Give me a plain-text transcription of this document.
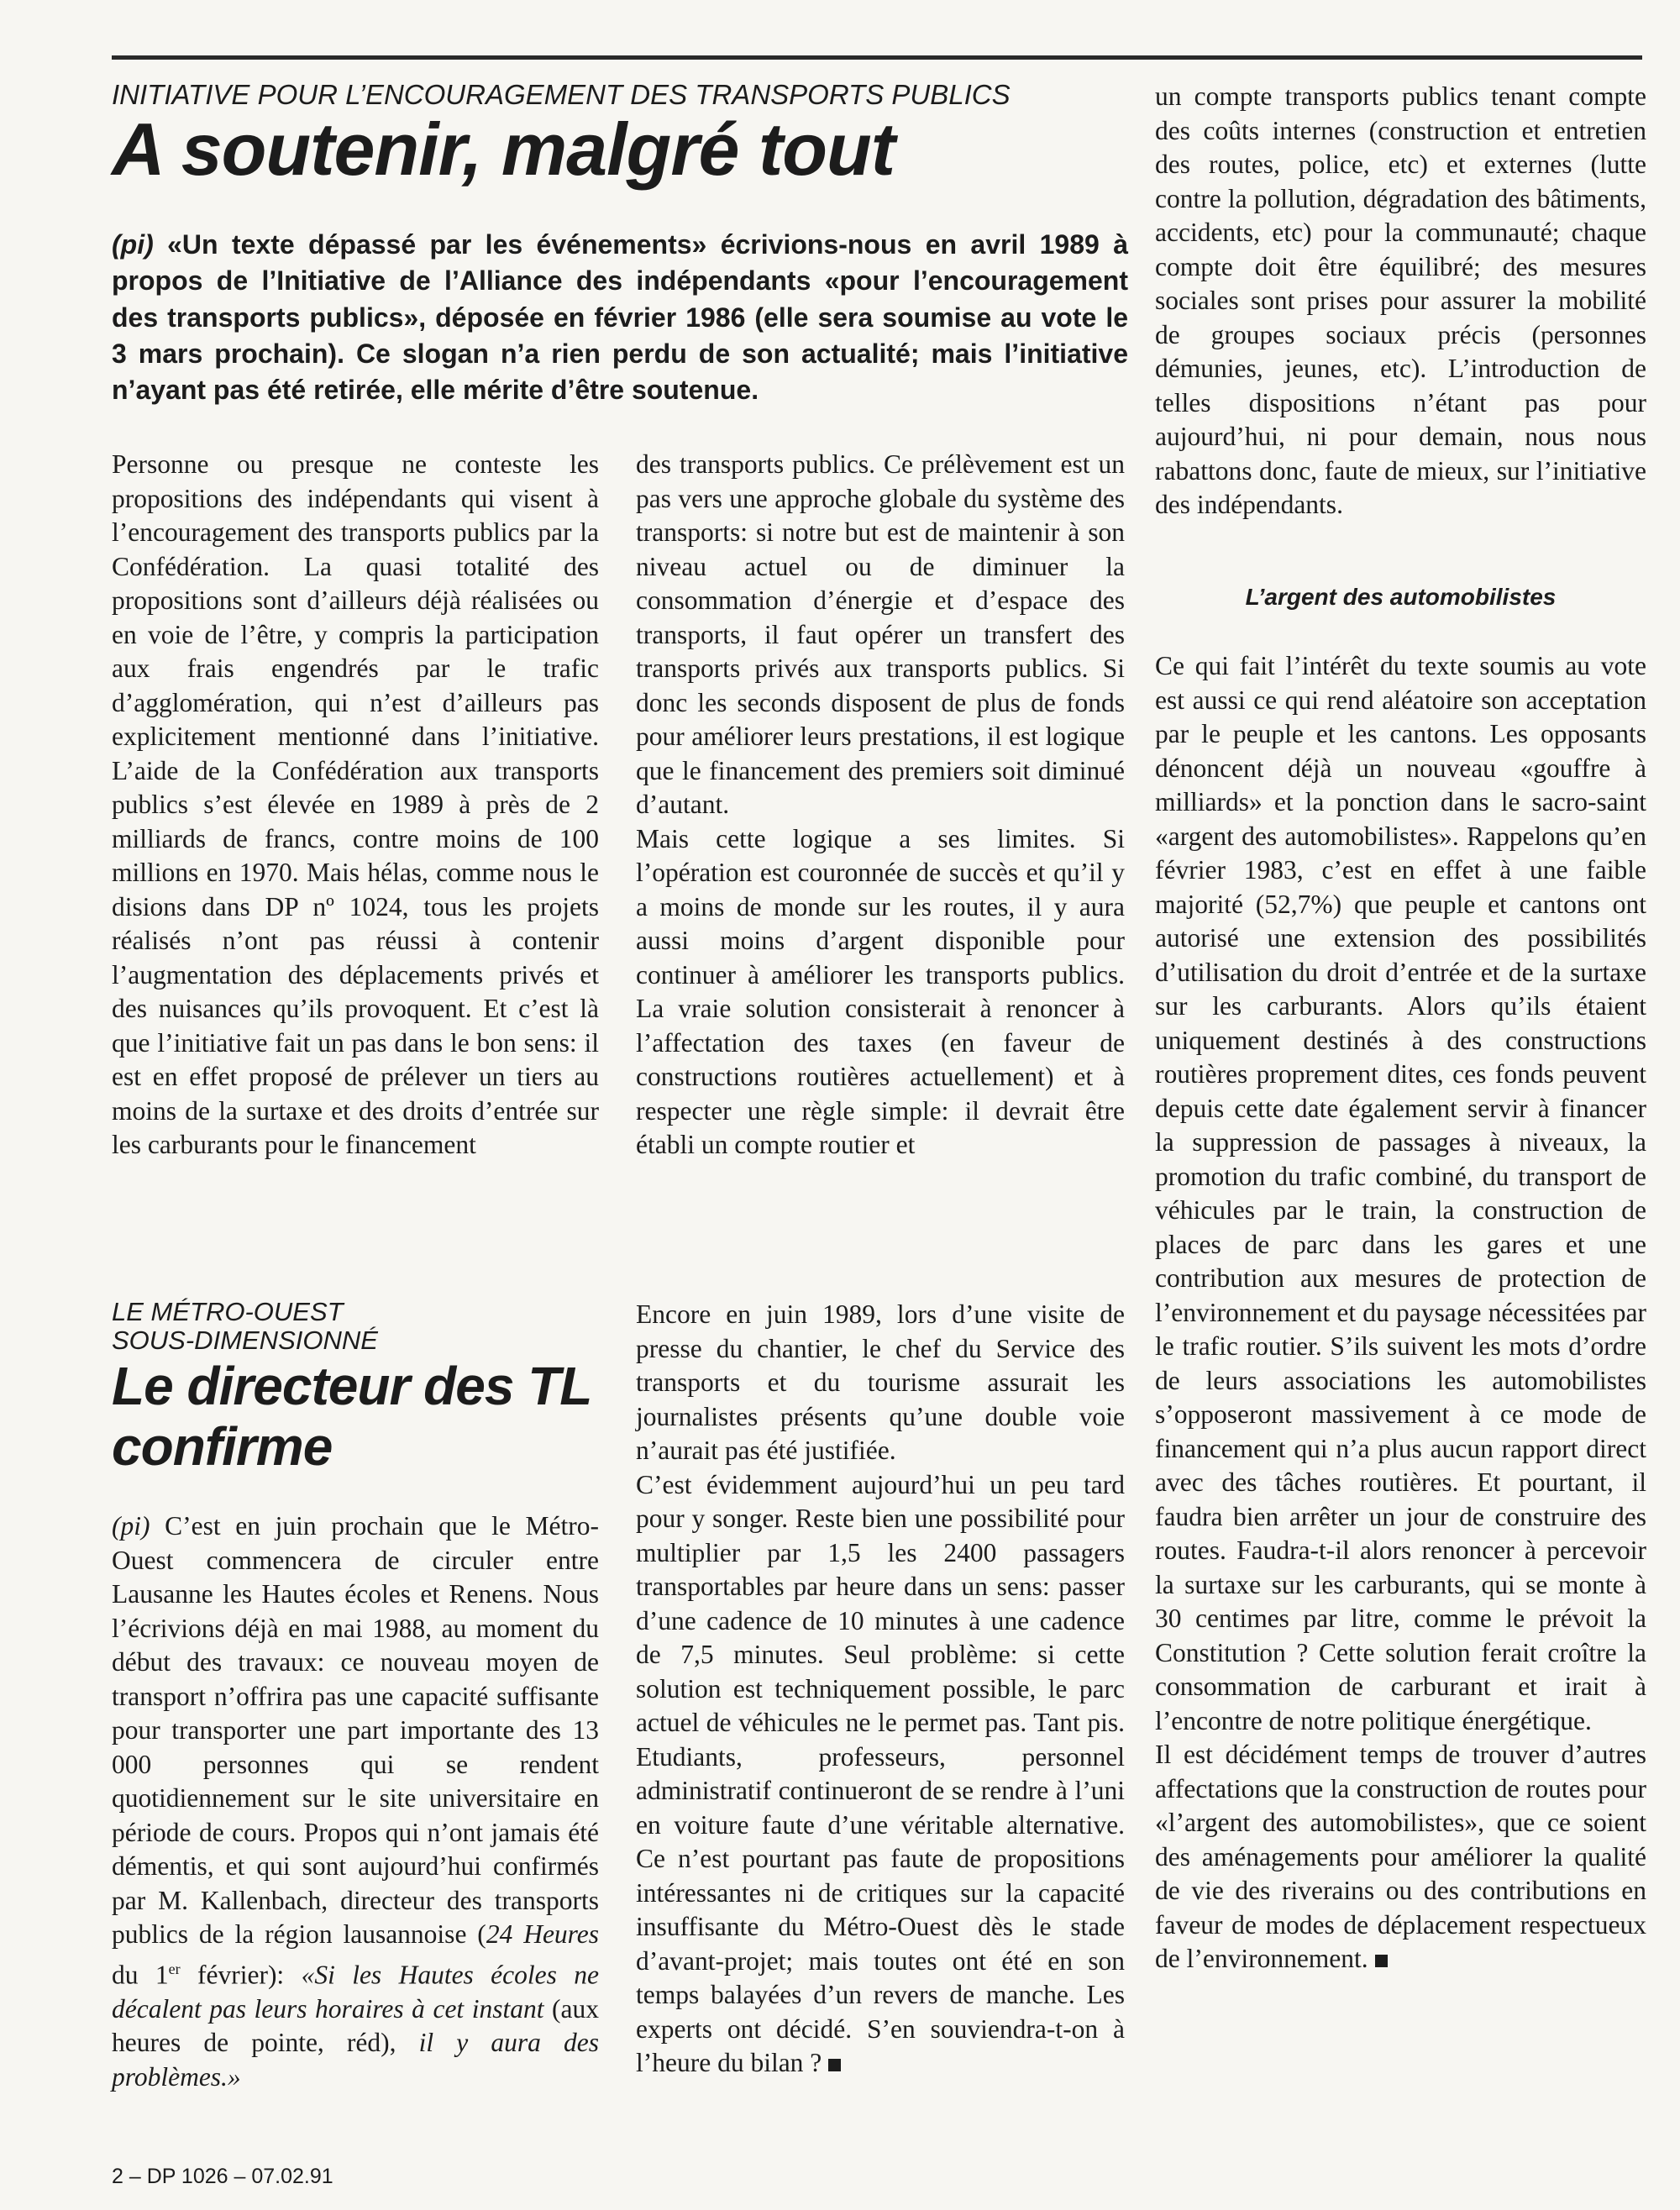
INITIATIVE POUR L’ENCOURAGEMENT DES TRANSPORTS PUBLICS
A soutenir, malgré tout

(pi) «Un texte dépassé par les événements» écrivions-nous en avril 1989 à propos de l’Initiative de l’Alliance des indépendants «pour l’encouragement des transports publics», déposée en février 1986 (elle sera soumise au vote le 3 mars prochain). Ce slogan n’a rien perdu de son actualité; mais l’initiative n’ayant pas été retirée, elle mérite d’être soutenue.

Personne ou presque ne conteste les propositions des indépendants qui visent à l’encouragement des transports publics par la Confédération. La quasi totalité des propositions sont d’ailleurs déjà réalisées ou en voie de l’être, y compris la participation aux frais engendrés par le trafic d’agglomération, qui n’est d’ailleurs pas explicitement mentionné dans l’initiative. L’aide de la Confédération aux transports publics s’est élevée en 1989 à près de 2 milliards de francs, contre moins de 100 millions en 1970. Mais hélas, comme nous le disions dans DP nº 1024, tous les projets réalisés n’ont pas réussi à contenir l’augmentation des déplacements privés et des nuisances qu’ils provoquent. Et c’est là que l’initiative fait un pas dans le bon sens: il est en effet proposé de prélever un tiers au moins de la surtaxe et des droits d’entrée sur les carburants pour le financement

des transports publics. Ce prélèvement est un pas vers une approche globale du système des transports: si notre but est de maintenir à son niveau actuel ou de diminuer la consommation d’énergie et d’espace des transports, il faut opérer un transfert des transports privés aux transports publics. Si donc les seconds disposent de plus de fonds pour améliorer leurs prestations, il est logique que le financement des premiers soit diminué d’autant.

Mais cette logique a ses limites. Si l’opération est couronnée de succès et qu’il y a moins de monde sur les routes, il y aura aussi moins d’argent disponible pour continuer à améliorer les transports publics. La vraie solution consisterait à renoncer à l’affectation des taxes (en faveur de constructions routières actuellement) et à respecter une règle simple: il devrait être établi un compte routier et

un compte transports publics tenant compte des coûts internes (construction et entretien des routes, police, etc) et externes (lutte contre la pollution, dégradation des bâtiments, accidents, etc) pour la communauté; chaque compte doit être équilibré; des mesures sociales sont prises pour assurer la mobilité de groupes sociaux précis (personnes démunies, jeunes, etc). L’introduction de telles dispositions n’étant pas pour aujourd’hui, ni pour demain, nous nous rabattons donc, faute de mieux, sur l’initiative des indépendants.

L’argent des automobilistes

Ce qui fait l’intérêt du texte soumis au vote est aussi ce qui rend aléatoire son acceptation par le peuple et les cantons. Les opposants dénoncent déjà un nouveau «gouffre à milliards» et la ponction dans le sacro-saint «argent des automobilistes». Rappelons qu’en février 1983, c’est en effet à une faible majorité (52,7%) que peuple et cantons ont autorisé une extension des possibilités d’utilisation du droit d’entrée et de la surtaxe sur les carburants. Alors qu’ils étaient uniquement destinés à des constructions routières proprement dites, ces fonds peuvent depuis cette date également servir à financer la suppression de passages à niveaux, la promotion du trafic combiné, du transport de véhicules par le train, la construction de places de parc dans les gares et une contribution aux mesures de protection de l’environnement et du paysage nécessitées par le trafic routier. S’ils suivent les mots d’ordre de leurs associations les automobilistes s’opposeront massivement à ce mode de financement qui n’a plus aucun rapport direct avec des tâches routières. Et pourtant, il faudra bien arrêter un jour de construire des routes. Faudra-t-il alors renoncer à percevoir la surtaxe sur les carburants, qui se monte à 30 centimes par litre, comme le prévoit la Constitution ? Cette solution ferait croître la consommation de carburant et irait à l’encontre de notre politique énergétique.

Il est décidément temps de trouver d’autres affectations que la construction de routes pour «l’argent des automobilistes», que ce soient des aménagements pour améliorer la qualité de vie des riverains ou des contributions en faveur de modes de déplacement respectueux de l’environnement.

LE MÉTRO-OUEST
SOUS-DIMENSIONNÉ
Le directeur des TL
confirme

(pi) C’est en juin prochain que le Métro-Ouest commencera de circuler entre Lausanne les Hautes écoles et Renens. Nous l’écrivions déjà en mai 1988, au moment du début des travaux: ce nouveau moyen de transport n’offrira pas une capacité suffisante pour transporter une part importante des 13 000 personnes qui se rendent quotidiennement sur le site universitaire en période de cours. Propos qui n’ont jamais été démentis, et qui sont aujourd’hui confirmés par M. Kallenbach, directeur des transports publics de la région lausannoise (24 Heures du 1er février): «Si les Hautes écoles ne décalent pas leurs horaires à cet instant (aux heures de pointe, réd), il y aura des problèmes.»

Encore en juin 1989, lors d’une visite de presse du chantier, le chef du Service des transports et du tourisme assurait les journalistes présents qu’une double voie n’aurait pas été justifiée.

C’est évidemment aujourd’hui un peu tard pour y songer. Reste bien une possibilité pour multiplier par 1,5 les 2400 passagers transportables par heure dans un sens: passer d’une cadence de 10 minutes à une cadence de 7,5 minutes. Seul problème: si cette solution est techniquement possible, le parc actuel de véhicules ne le permet pas. Tant pis. Etudiants, professeurs, personnel administratif continueront de se rendre à l’uni en voiture faute d’une véritable alternative. Ce n’est pourtant pas faute de propositions intéressantes ni de critiques sur la capacité insuffisante du Métro-Ouest dès le stade d’avant-projet; mais toutes ont été en son temps balayées d’un revers de manche. Les experts ont décidé. S’en souviendra-t-on à l’heure du bilan ?

2 – DP 1026 – 07.02.91
